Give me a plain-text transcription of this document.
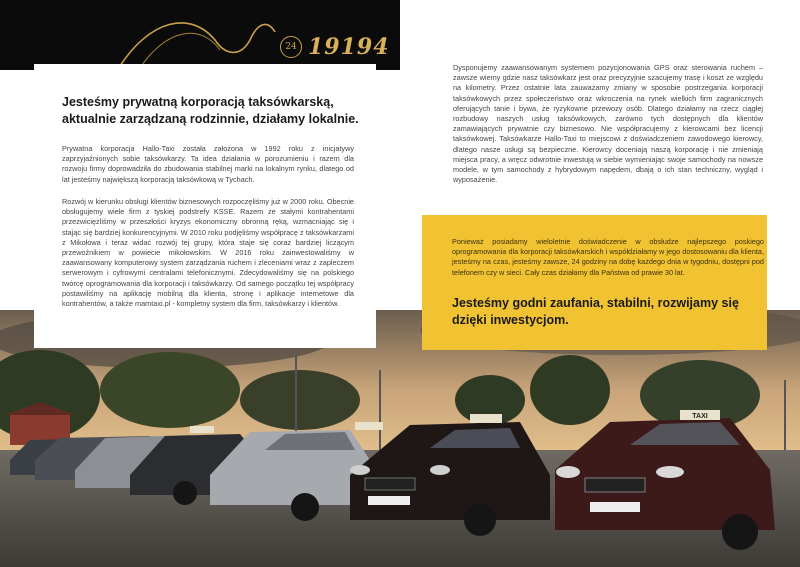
24 19194
TAXI
Jesteśmy prywatną korporacją taksówkarską, aktualnie zarządzaną rodzinnie, działamy lokalnie.

Prywatna korporacja Hallo-Taxi została założona w 1992 roku z inicjatywy zaprzyjaźnionych sobie taksówkarzy. Ta idea działania w porozumieniu i razem dla rozwoju firmy doprowadziła do zbudowania stabilnej marki na lokalnym rynku, dlatego od lat jesteśmy największą korporacją taksówkową w Tychach.

Rozwój w kierunku obsługi klientów biznesowych rozpoczęliśmy już w 2000 roku. Obecnie obsługujemy wiele firm z tyskiej podstrefy KSSE. Razem ze stałymi kontrahentami przezwiciężliśmy w przeszłości kryzys ekonomiczny obronną ręką, wzmacniając się i stając się bardziej konkurencyjnymi. W 2010 roku podjęliśmy współpracę z taksówkarzami z Mikołowa i teraz widać rozwój tej grupy, która staje się coraz bardziej liczącym przewoźnikiem w powiecie mikołowskim. W 2016 roku zainwestowaliśmy w zaawansowany komputerowy system zarządzania ruchem i zleceniami wraz z zapleczem serwerowym i cyfrowymi centralami telefonicznymi. Zdecydowaliśmy się na polskiego twórcę oprogramowania dla korporacji i taksówkarzy. Od samego początku tej współpracy postawiliśmy na aplikację mobilną dla klienta, stronę i aplikacje internetowe dla kontrahentów, a także mamtaxi.pl - kompletny system dla firm, taksówkarzy i klientów.

Dysponujemy zaawansowanym systemem pozycjonowania GPS oraz sterowania ruchem – zawsze wiemy gdzie nasz taksówkarz jest oraz precyzyjnie szacujemy trasę i koszt ze względu na kilometry. Przez ostatnie lata zauważamy zmiany w sposobie postrzegania korporacji taksówkowych przez społeczeństwo oraz wkroczenia na rynek wielkich firm zagranicznych oferujących tanie i bywa, że ryzykowne przewozy osób. Dlatego działamy na rzecz ciągłej rozbudowy naszych usług taksówkowych, zarówno tych dostępnych dla klientów zamawiających prywatnie czy biznesowo. Nie współpracujemy z kierowcami bez licencji taksówkowej. Taksówkarze Hallo-Taxi to miejscowi z doświadczeniem zawodowego kierowcy, dlatego nasze usługi są bezpieczne. Kierowcy doceniają naszą korporację i nie zmieniają miejsca pracy, a wręcz odwrotnie inwestują w siebie wymieniając swoje samochody na nowsze modele, w tym samochody z hybrydowym napędem, dbają o ich stan techniczny, wygląd i wyposażenie.

Ponieważ posiadamy wieloletnie doświadczenie w obsłudze najlepszego poskiego oprogramowania dla korporacji taksówkarskich i współdziałamy w jego dostosowaniu dla klienta, jesteśmy na czas, jesteśmy zawsze, 24 godziny na dobę każdego dnia w tygodniu, dostępni pod telefonem czy w sieci. Cały czas działamy dla Państwa od prawie 30 lat.

Jesteśmy godni zaufania, stabilni, rozwijamy się dzięki inwestycjom.
